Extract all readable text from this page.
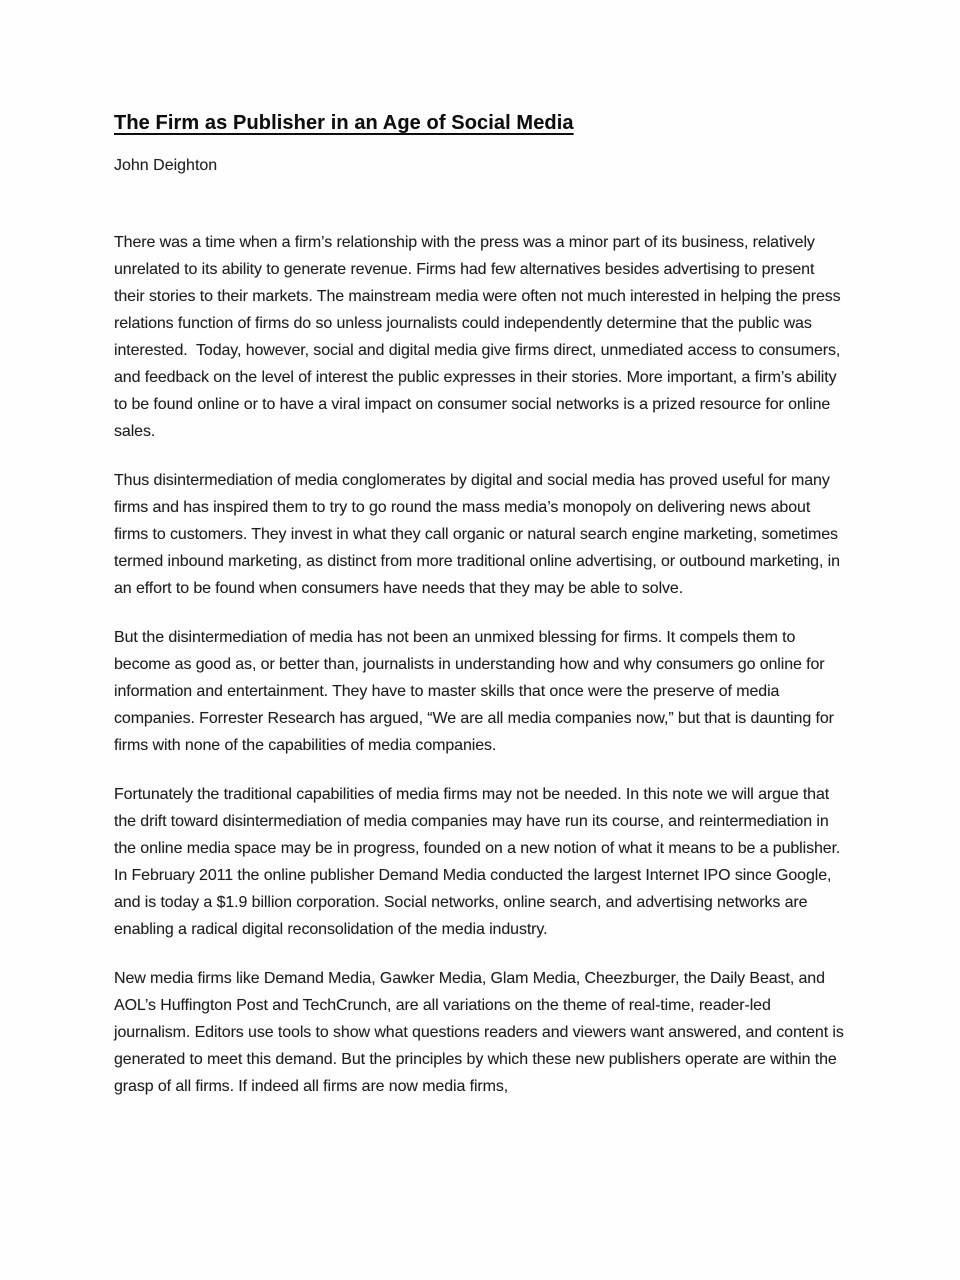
The Firm as Publisher in an Age of Social Media
John Deighton

There was a time when a firm’s relationship with the press was a minor part of its business, relatively unrelated to its ability to generate revenue. Firms had few alternatives besides advertising to present their stories to their markets. The mainstream media were often not much interested in helping the press relations function of firms do so unless journalists could independently determine that the public was interested.  Today, however, social and digital media give firms direct, unmediated access to consumers, and feedback on the level of interest the public expresses in their stories. More important, a firm’s ability to be found online or to have a viral impact on consumer social networks is a prized resource for online sales.

Thus disintermediation of media conglomerates by digital and social media has proved useful for many firms and has inspired them to try to go round the mass media’s monopoly on delivering news about firms to customers. They invest in what they call organic or natural search engine marketing, sometimes termed inbound marketing, as distinct from more traditional online advertising, or outbound marketing, in an effort to be found when consumers have needs that they may be able to solve.

But the disintermediation of media has not been an unmixed blessing for firms. It compels them to become as good as, or better than, journalists in understanding how and why consumers go online for information and entertainment. They have to master skills that once were the preserve of media companies. Forrester Research has argued, “We are all media companies now,” but that is daunting for firms with none of the capabilities of media companies.

Fortunately the traditional capabilities of media firms may not be needed. In this note we will argue that the drift toward disintermediation of media companies may have run its course, and reintermediation in the online media space may be in progress, founded on a new notion of what it means to be a publisher. In February 2011 the online publisher Demand Media conducted the largest Internet IPO since Google, and is today a $1.9 billion corporation. Social networks, online search, and advertising networks are enabling a radical digital reconsolidation of the media industry.

New media firms like Demand Media, Gawker Media, Glam Media, Cheezburger, the Daily Beast, and AOL’s Huffington Post and TechCrunch, are all variations on the theme of real-time, reader-led journalism. Editors use tools to show what questions readers and viewers want answered, and content is generated to meet this demand. But the principles by which these new publishers operate are within the grasp of all firms. If indeed all firms are now media firms,
